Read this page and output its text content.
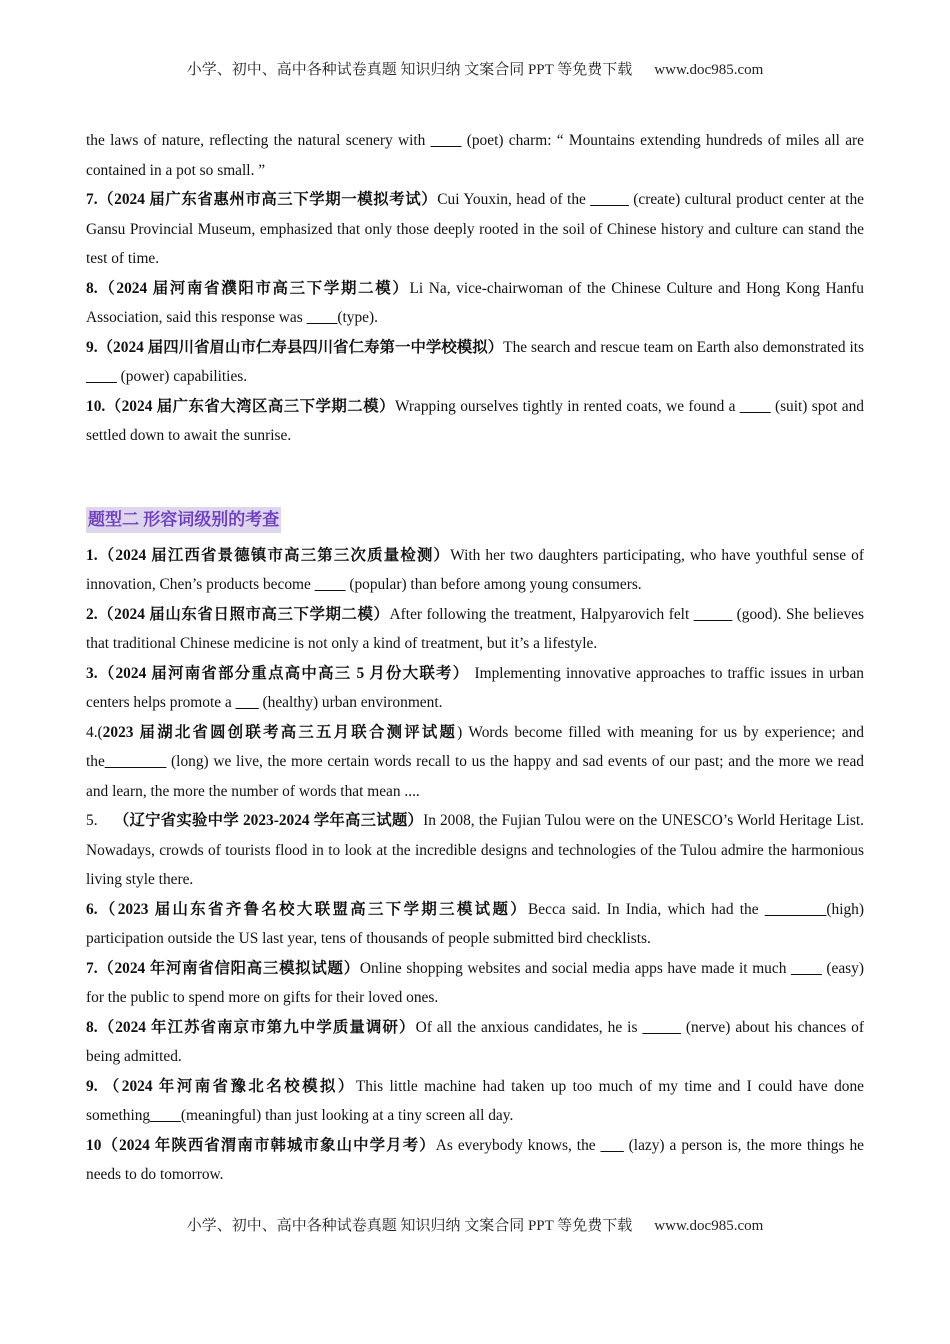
小学、初中、高中各种试卷真题 知识归纳 文案合同 PPT 等免费下载 www.doc985.com

the laws of nature, reflecting the natural scenery with ____ (poet) charm: “ Mountains extending hundreds of miles all are contained in a pot so small. ”

7.（2024 届广东省惠州市高三下学期一模拟考试）Cui Youxin, head of the _____ (create) cultural product center at the Gansu Provincial Museum, emphasized that only those deeply rooted in the soil of Chinese history and culture can stand the test of time.

8.（2024 届河南省濮阳市高三下学期二模）Li Na, vice-chairwoman of the Chinese Culture and Hong Kong Hanfu Association, said this response was ____(type).

9.（2024 届四川省眉山市仁寿县四川省仁寿第一中学校模拟）The search and rescue team on Earth also demonstrated its ____ (power) capabilities.

10.（2024 届广东省大湾区高三下学期二模）Wrapping ourselves tightly in rented coats, we found a ____ (suit) spot and settled down to await the sunrise.

题型二 形容词级别的考查

1.（2024 届江西省景德镇市高三第三次质量检测）With her two daughters participating, who have youthful sense of innovation, Chen’s products become ____ (popular) than before among young consumers.

2.（2024 届山东省日照市高三下学期二模）After following the treatment, Halpyarovich felt _____ (good). She believes that traditional Chinese medicine is not only a kind of treatment, but it’s a lifestyle.

3.（2024 届河南省部分重点高中高三 5 月份大联考） Implementing innovative approaches to traffic issues in urban centers helps promote a ___ (healthy) urban environment.

4.(2023 届湖北省圆创联考高三五月联合测评试题) Words become filled with meaning for us by experience; and the________ (long) we live, the more certain words recall to us the happy and sad events of our past; and the more we read and learn, the more the number of words that mean ....

5.    （辽宁省实验中学 2023-2024 学年高三试题）In 2008, the Fujian Tulou were on the UNESCO’s World Heritage List. Nowadays, crowds of tourists flood in to look at the incredible designs and technologies of the Tulou admire the harmonious living style there.

6.（2023 届山东省齐鲁名校大联盟高三下学期三模试题）Becca said. In India, which had the ________(high) participation outside the US last year, tens of thousands of people submitted bird checklists.

7.（2024 年河南省信阳高三模拟试题）Online shopping websites and social media apps have made it much ____ (easy) for the public to spend more on gifts for their loved ones.

8.（2024 年江苏省南京市第九中学质量调研）Of all the anxious candidates, he is _____ (nerve) about his chances of being admitted.

9. （2024 年河南省豫北名校模拟）This little machine had taken up too much of my time and I could have done something____(meaningful) than just looking at a tiny screen all day.

10（2024 年陕西省渭南市韩城市象山中学月考）As everybody knows, the ___ (lazy) a person is, the more things he needs to do tomorrow.

小学、初中、高中各种试卷真题 知识归纳 文案合同 PPT 等免费下载 www.doc985.com
